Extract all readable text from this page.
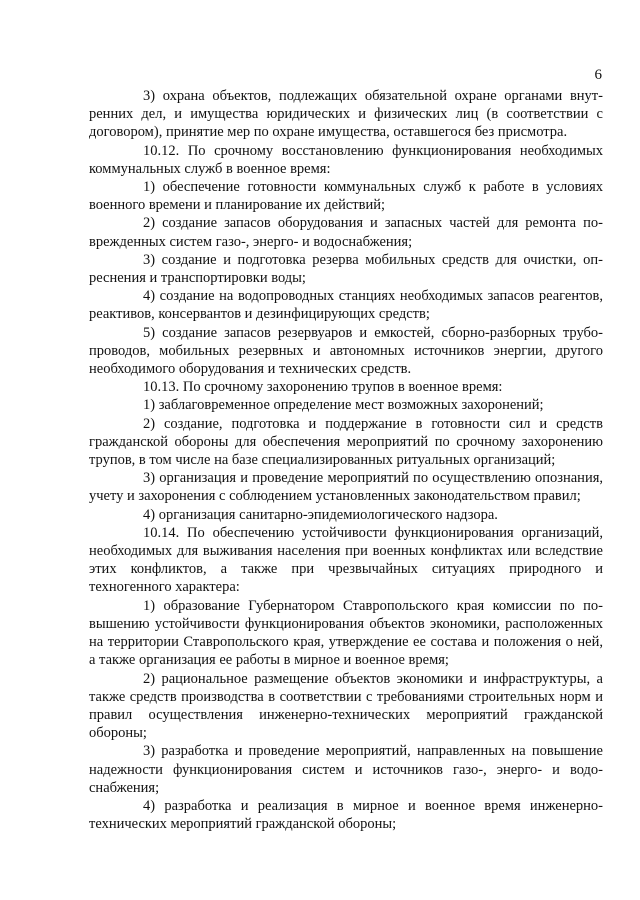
6

3) охрана объектов, подлежащих обязательной охране органами внутренних дел, и имущества юридических и физических лиц (в соответствии с договором), принятие мер по охране имущества, оставшегося без присмотра.

10.12. По срочному восстановлению функционирования необходимых коммунальных служб в военное время:

1) обеспечение готовности коммунальных служб к работе в условиях военного времени и планирование их действий;

2) создание запасов оборудования и запасных частей для ремонта поврежденных систем газо-, энерго- и водоснабжения;

3) создание и подготовка резерва мобильных средств для очистки, опреснения и транспортировки воды;

4) создание на водопроводных станциях необходимых запасов реагентов, реактивов, консервантов и дезинфицирующих средств;

5) создание запасов резервуаров и емкостей, сборно-разборных трубопроводов, мобильных резервных и автономных источников энергии, другого необходимого оборудования и технических средств.

10.13. По срочному захоронению трупов в военное время:

1) заблаговременное определение мест возможных захоронений;

2) создание, подготовка и поддержание в готовности сил и средств гражданской обороны для обеспечения мероприятий по срочному захоронению трупов, в том числе на базе специализированных ритуальных организаций;

3) организация и проведение мероприятий по осуществлению опознания, учету и захоронения с соблюдением установленных законодательством правил;

4) организация санитарно-эпидемиологического надзора.

10.14. По обеспечению устойчивости функционирования организаций, необходимых для выживания населения при военных конфликтах или вследствие этих конфликтов, а также при чрезвычайных ситуациях природного и техногенного характера:

1) образование Губернатором Ставропольского края комиссии по повышению устойчивости функционирования объектов экономики, расположенных на территории Ставропольского края, утверждение ее состава и положения о ней, а также организация ее работы в мирное и военное время;

2) рациональное размещение объектов экономики и инфраструктуры, а также средств производства в соответствии с требованиями строительных норм и правил осуществления инженерно-технических мероприятий гражданской обороны;

3) разработка и проведение мероприятий, направленных на повышение надежности функционирования систем и источников газо-, энерго- и водоснабжения;

4) разработка и реализация в мирное и военное время инженерно-технических мероприятий гражданской обороны;
